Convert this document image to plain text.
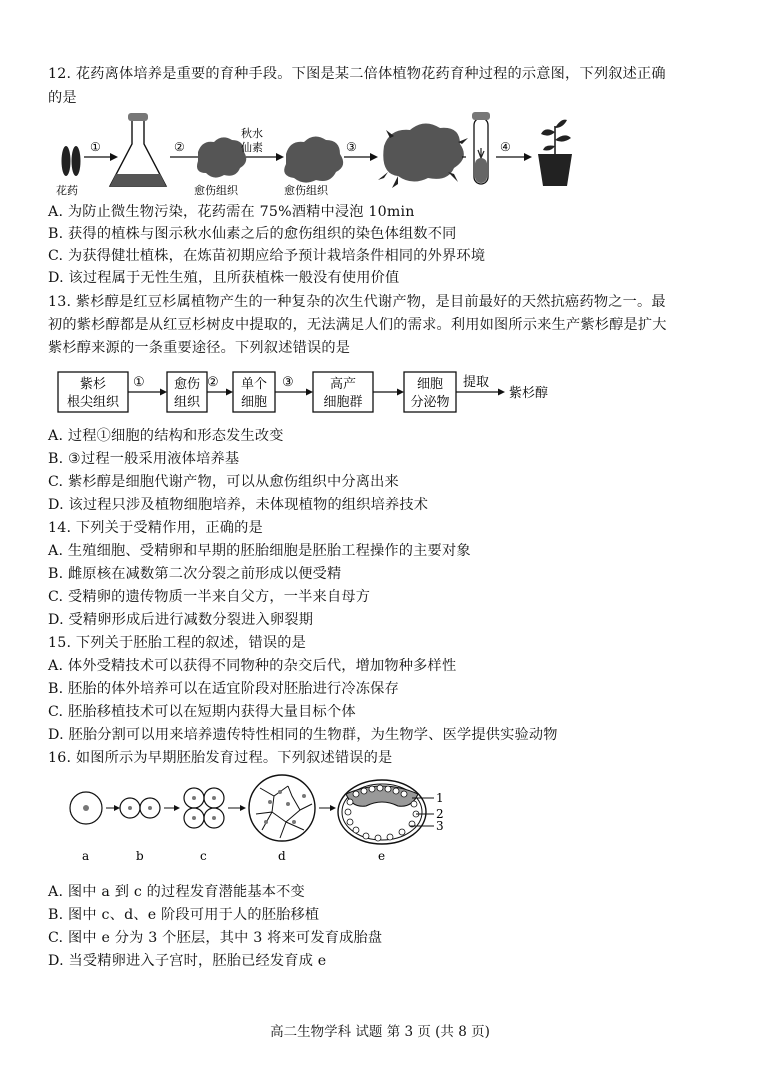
12. 花药离体培养是重要的育种手段。下图是某二倍体植物花药育种过程的示意图，下列叙述正确
的是
花药	愈伤组织	愈伤组织
秋水
仙素
①	②	③	④
A. 为防止微生物污染，花药需在 75%酒精中浸泡 10min
B. 获得的植株与图示秋水仙素之后的愈伤组织的染色体组数不同
C. 为获得健壮植株，在炼苗初期应给予预计栽培条件相同的外界环境
D. 该过程属于无性生殖，且所获植株一般没有使用价值
13. 紫杉醇是红豆杉属植物产生的一种复杂的次生代谢产物，是目前最好的天然抗癌药物之一。最
初的紫杉醇都是从红豆杉树皮中提取的，无法满足人们的需求。利用如图所示来生产紫杉醇是扩大
紫杉醇来源的一条重要途径。下列叙述错误的是
紫杉
根尖组织
① 愈伤
组织
② 单个
细胞
③	高产
细胞群
细胞
分泌物
提取
紫杉醇
A. 过程①细胞的结构和形态发生改变
B. ③过程一般采用液体培养基
C. 紫杉醇是细胞代谢产物，可以从愈伤组织中分离出来
D. 该过程只涉及植物细胞培养，未体现植物的组织培养技术
14. 下列关于受精作用，正确的是
A. 生殖细胞、受精卵和早期的胚胎细胞是胚胎工程操作的主要对象
B. 雌原核在减数第二次分裂之前形成以便受精
C. 受精卵的遗传物质一半来自父方，一半来自母方
D. 受精卵形成后进行减数分裂进入卵裂期
15. 下列关于胚胎工程的叙述，错误的是
A. 体外受精技术可以获得不同物种的杂交后代，增加物种多样性
B. 胚胎的体外培养可以在适宜阶段对胚胎进行冷冻保存
C. 胚胎移植技术可以在短期内获得大量目标个体
D. 胚胎分割可以用来培养遗传特性相同的生物群，为生物学、医学提供实验动物
16. 如图所示为早期胚胎发育过程。下列叙述错误的是
1
2
3
a	b	c	d	e
A. 图中 a 到 c 的过程发育潜能基本不变
B. 图中 c、d、e 阶段可用于人的胚胎移植
C. 图中 e 分为 3 个胚层，其中 3 将来可发育成胎盘
D. 当受精卵进入子宫时，胚胎已经发育成 e
高二生物学科 试题 第 3 页 (共 8 页)
